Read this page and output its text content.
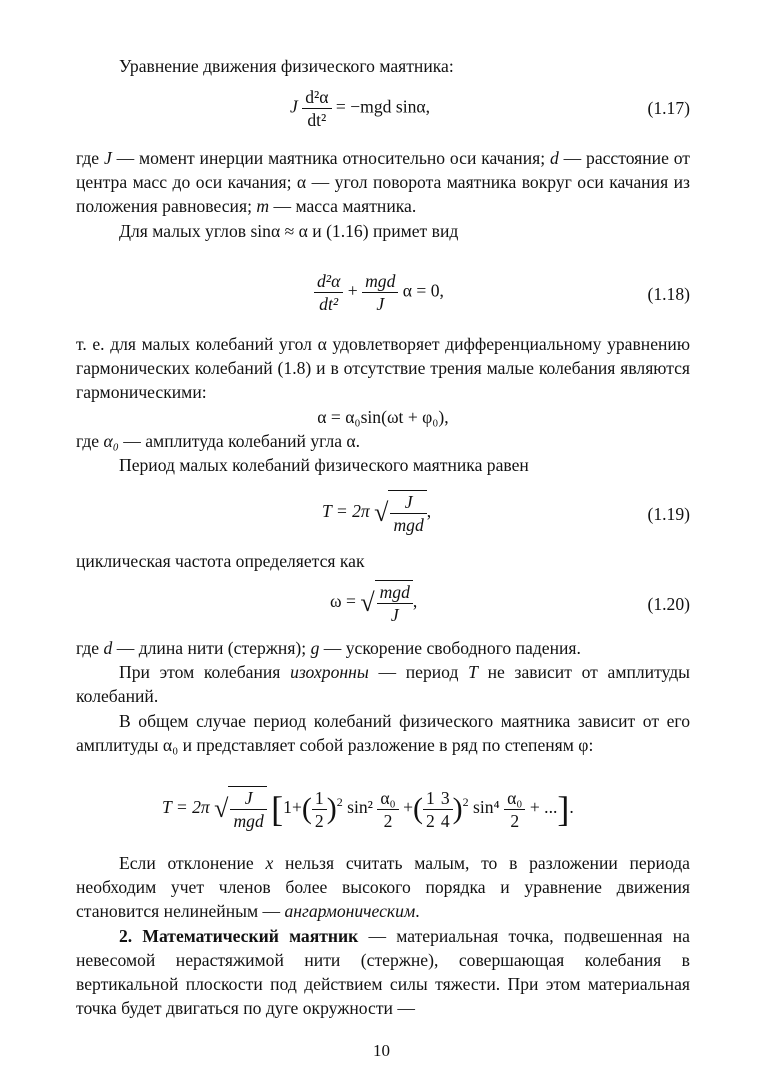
Уравнение движения физического маятника:

J $\frac{\text{d²α}}{\text{dt²}} = -mgd$ sinα,	(1.17)

где J — момент инерции маятника относительно оси качания; d — расстояние от центра масс до оси качания; α — угол поворота маятника вокруг оси качания из положения равновесия; m — масса маятника.

Для малых углов sinα ≈ α и (1.16) примет вид

$\frac{\text{d²α}}{\text{dt²}} + \frac{\text{mgd}}{J}$ α = 0,	(1.18)

т. е. для малых колебаний угол α удовлетворяет дифференциальному уравнению гармонических колебаний (1.8) и в отсутствие трения малые колебания являются гармоническими:

α = α₀sin(ωt + φ₀),

где α₀ — амплитуда колебаний угла α.

Период малых колебаний физического маятника равен

T = 2π √ $\frac{J}{\text{mgd}}$ ,	(1.19)

циклическая частота определяется как

ω = √ $\frac{\text{mgd}}{J}$ ,	(1.20)

где d — длина нити (стержня); g — ускорение свободного падения.

При этом колебания изохронны — период T не зависит от амплитуды колебаний.

В общем случае период колебаний физического маятника зависит от его амплитуды α₀ и представляет собой разложение в ряд по степеням φ:

T = 2π √ $\frac{J}{\text{mgd}} [1+( \frac{1}{2} )^2$ $\sin^2 \frac{\text{α₀}}{2}$ +( $\frac{1}{2} \frac{3}{4} )^2$ $\sin^4 \frac{\text{α₀}}{2}$ + ...].

Если отклонение x нельзя считать малым, то в разложении периода необходим учет членов более высокого порядка и уравнение движения становится нелинейным — ангармоническим.

2. Математический маятник — материальная точка, подвешенная на невесомой нерастяжимой нити (стержне), совершающая колебания в вертикальной плоскости под действием силы тяжести. При этом материальная точка будет двигаться по дуге окружности —

10
